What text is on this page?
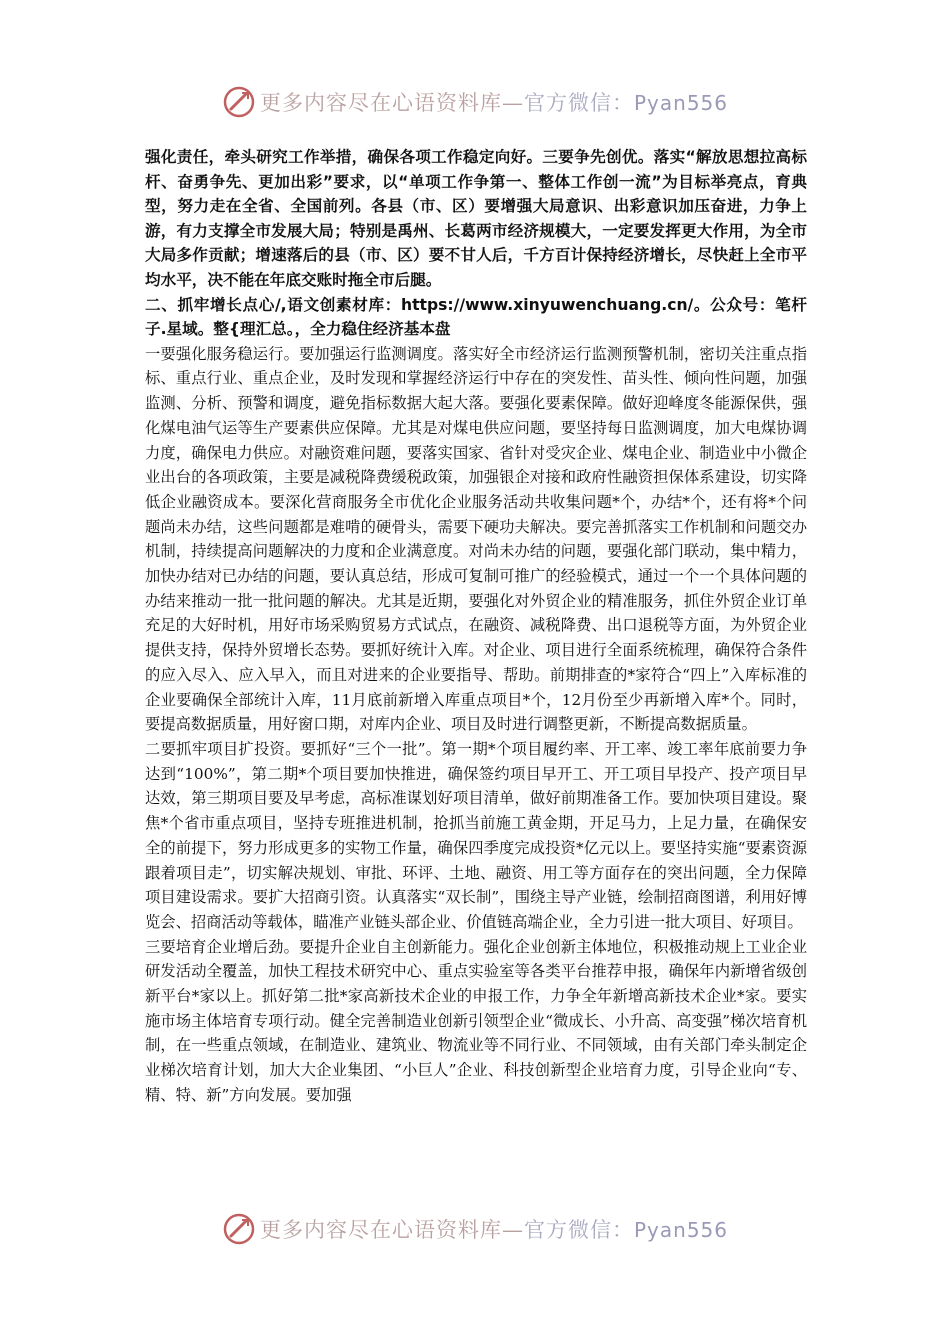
更多内容尽在心语资料库—官方微信：Pyan556

强化责任，牵头研究工作举措，确保各项工作稳定向好。三要争先创优。落实“解放思想拉高标杆、奋勇争先、更加出彩”要求，以“单项工作争第一、整体工作创一流”为目标举亮点，育典型，努力走在全省、全国前列。各县（市、区）要增强大局意识、出彩意识加压奋进，力争上游，有力支撑全市发展大局；特别是禹州、长葛两市经济规模大，一定要发挥更大作用，为全市大局多作贡献；增速落后的县（市、区）要不甘人后，千方百计保持经济增长，尽快赶上全市平均水平，决不能在年底交账时拖全市后腿。

二、抓牢增长点心/,语文创素材库：https://www.xinyuwenchuang.cn/。公众号：笔杆子.星域。整{理汇总。，全力稳住经济基本盘

一要强化服务稳运行。要加强运行监测调度。落实好全市经济运行监测预警机制，密切关注重点指标、重点行业、重点企业，及时发现和掌握经济运行中存在的突发性、苗头性、倾向性问题，加强监测、分析、预警和调度，避免指标数据大起大落。要强化要素保障。做好迎峰度冬能源保供，强化煤电油气运等生产要素供应保障。尤其是对煤电供应问题，要坚持每日监测调度，加大电煤协调力度，确保电力供应。对融资难问题，要落实国家、省针对受灾企业、煤电企业、制造业中小微企业出台的各项政策，主要是减税降费缓税政策，加强银企对接和政府性融资担保体系建设，切实降低企业融资成本。要深化营商服务全市优化企业服务活动共收集问题*个，办结*个，还有将*个问题尚未办结，这些问题都是难啃的硬骨头，需要下硬功夫解决。要完善抓落实工作机制和问题交办机制，持续提高问题解决的力度和企业满意度。对尚未办结的问题，要强化部门联动，集中精力，加快办结对已办结的问题，要认真总结，形成可复制可推广的经验模式，通过一个一个具体问题的办结来推动一批一批问题的解决。尤其是近期，要强化对外贸企业的精准服务，抓住外贸企业订单充足的大好时机，用好市场采购贸易方式试点，在融资、减税降费、出口退税等方面，为外贸企业提供支持，保持外贸增长态势。要抓好统计入库。对企业、项目进行全面系统梳理，确保符合条件的应入尽入、应入早入，而且对进来的企业要指导、帮助。前期排查的*家符合“四上”入库标准的企业要确保全部统计入库，11月底前新增入库重点项目*个，12月份至少再新增入库*个。同时，要提高数据质量，用好窗口期，对库内企业、项目及时进行调整更新，不断提高数据质量。

二要抓牢项目扩投资。要抓好“三个一批”。第一期*个项目履约率、开工率、竣工率年底前要力争达到“100%”，第二期*个项目要加快推进，确保签约项目早开工、开工项目早投产、投产项目早达效，第三期项目要及早考虑，高标准谋划好项目清单，做好前期准备工作。要加快项目建设。聚焦*个省市重点项目，坚持专班推进机制，抢抓当前施工黄金期，开足马力，上足力量，在确保安全的前提下，努力形成更多的实物工作量，确保四季度完成投资*亿元以上。要坚持实施“要素资源跟着项目走”，切实解决规划、审批、环评、土地、融资、用工等方面存在的突出问题，全力保障项目建设需求。要扩大招商引资。认真落实“双长制”，围绕主导产业链，绘制招商图谱，利用好博览会、招商活动等载体，瞄准产业链头部企业、价值链高端企业，全力引进一批大项目、好项目。

三要培育企业增后劲。要提升企业自主创新能力。强化企业创新主体地位，积极推动规上工业企业研发活动全覆盖，加快工程技术研究中心、重点实验室等各类平台推荐申报，确保年内新增省级创新平台*家以上。抓好第二批*家高新技术企业的申报工作，力争全年新增高新技术企业*家。要实施市场主体培育专项行动。健全完善制造业创新引领型企业“微成长、小升高、高变强”梯次培育机制，在一些重点领域，在制造业、建筑业、物流业等不同行业、不同领域，由有关部门牵头制定企业梯次培育计划，加大大企业集团、“小巨人”企业、科技创新型企业培育力度，引导企业向“专、精、特、新”方向发展。要加强

更多内容尽在心语资料库—官方微信：Pyan556
